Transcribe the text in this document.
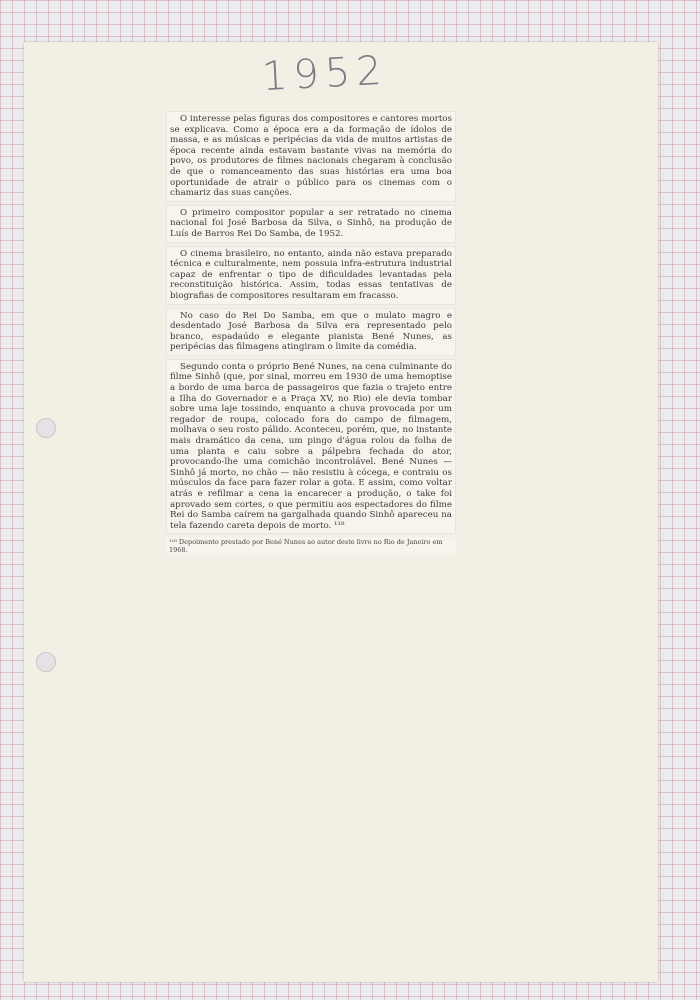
1952

O interesse pelas figuras dos compositores e cantores mortos se explicava. Como a época era a da formação de ídolos de massa, e as músicas e peripécias da vida de muitos artistas de época recente ainda estavam bastante vivas na memória do povo, os produtores de filmes nacionais chegaram à conclusão de que o romanceamento das suas histórias era uma boa oportunidade de atrair o público para os cinemas com o chamariz das suas canções.

O primeiro compositor popular a ser retratado no cinema nacional foi José Barbosa da Silva, o Sinhô, na produção de Luís de Barros Rei Do Samba, de 1952.

O cinema brasileiro, no entanto, ainda não estava preparado técnica e culturalmente, nem possuia infra-estrutura industrial capaz de enfrentar o tipo de dificuldades levantadas pela reconstituição histórica. Assim, todas essas tentativas de biografias de compositores resultaram em fracasso.

No caso do Rei Do Samba, em que o mulato magro e desdentado José Barbosa da Silva era representado pelo branco, espadaúdo e elegante pianista Bené Nunes, as peripécias das filmagens atingiram o limite da comédia.

Segundo conta o próprio Bené Nunes, na cena culminante do filme Sinhô (que, por sinal, morreu em 1930 de uma hemoptise a bordo de uma barca de passageiros que fazia o trajeto entre a Ilha do Governador e a Praça XV, no Rio) ele devia tombar sobre uma laje tossindo, enquanto a chuva provocada por um regador de roupa, colocado fora do campo de filmagem, molhava o seu rosto pálido. Aconteceu, porém, que, no instante mais dramático da cena, um pingo d'água rolou da folha de uma planta e caiu sobre a pálpebra fechada do ator, provocando-lhe uma comichão incontrolável. Bené Nunes — Sinhô já morto, no chão — não resistiu à cócega, e contraiu os músculos da face para fazer rolar a gota. E assim, como voltar atrás e refilmar a cena ia encarecer a produção, o take foi aprovado sem cortes, o que permitiu aos espectadores do filme Rei do Samba caírem na gargalhada quando Sinhô apareceu na tela fazendo careta depois de morto. ¹¹⁸

¹¹⁸ Depoimento prestado por Bené Nunes ao autor deste livro no Rio de Janeiro em 1968.
